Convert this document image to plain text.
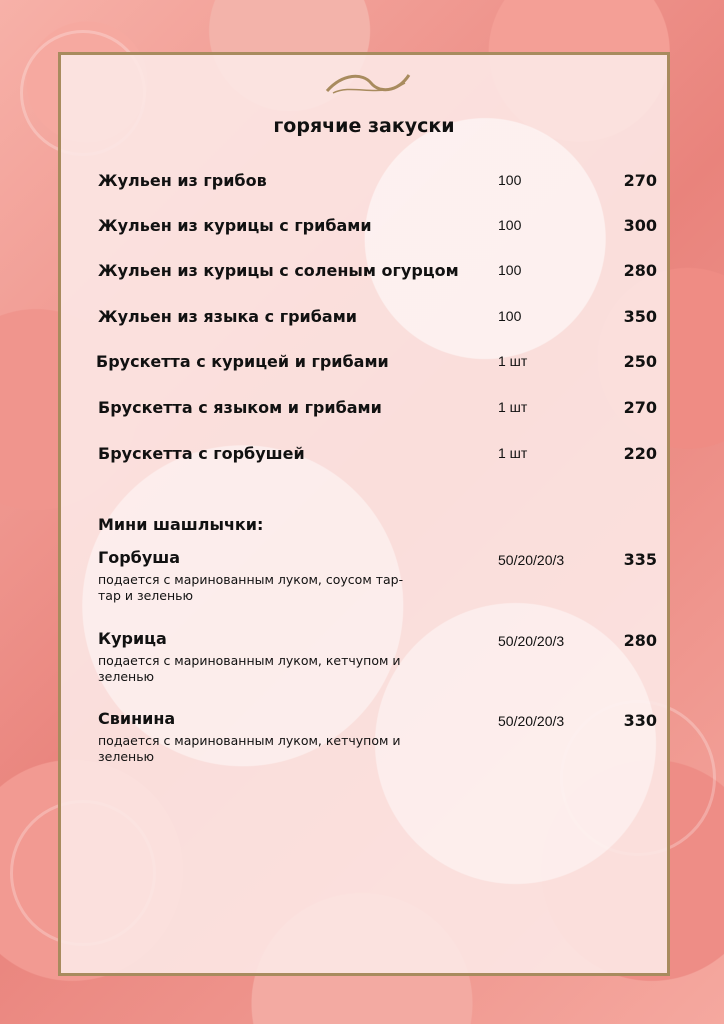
горячие закуски
Жульен из грибов	100	270
Жульен из курицы с грибами	100	300
Жульен из курицы с соленым огурцом	100	280
Жульен из языка с грибами	100	350
Брускетта с курицей и грибами	1 шт	250
Брускетта с языком и грибами	1 шт	270
Брускетта с горбушей	1 шт	220
Мини шашлычки:
Горбуша
подается с маринованным луком, соусом тар-тар и зеленью
50/20/20/3	335
Курица
подается с маринованным луком, кетчупом и зеленью
50/20/20/3	280
Свинина
подается с маринованным луком, кетчупом и зеленью
50/20/20/3	330
